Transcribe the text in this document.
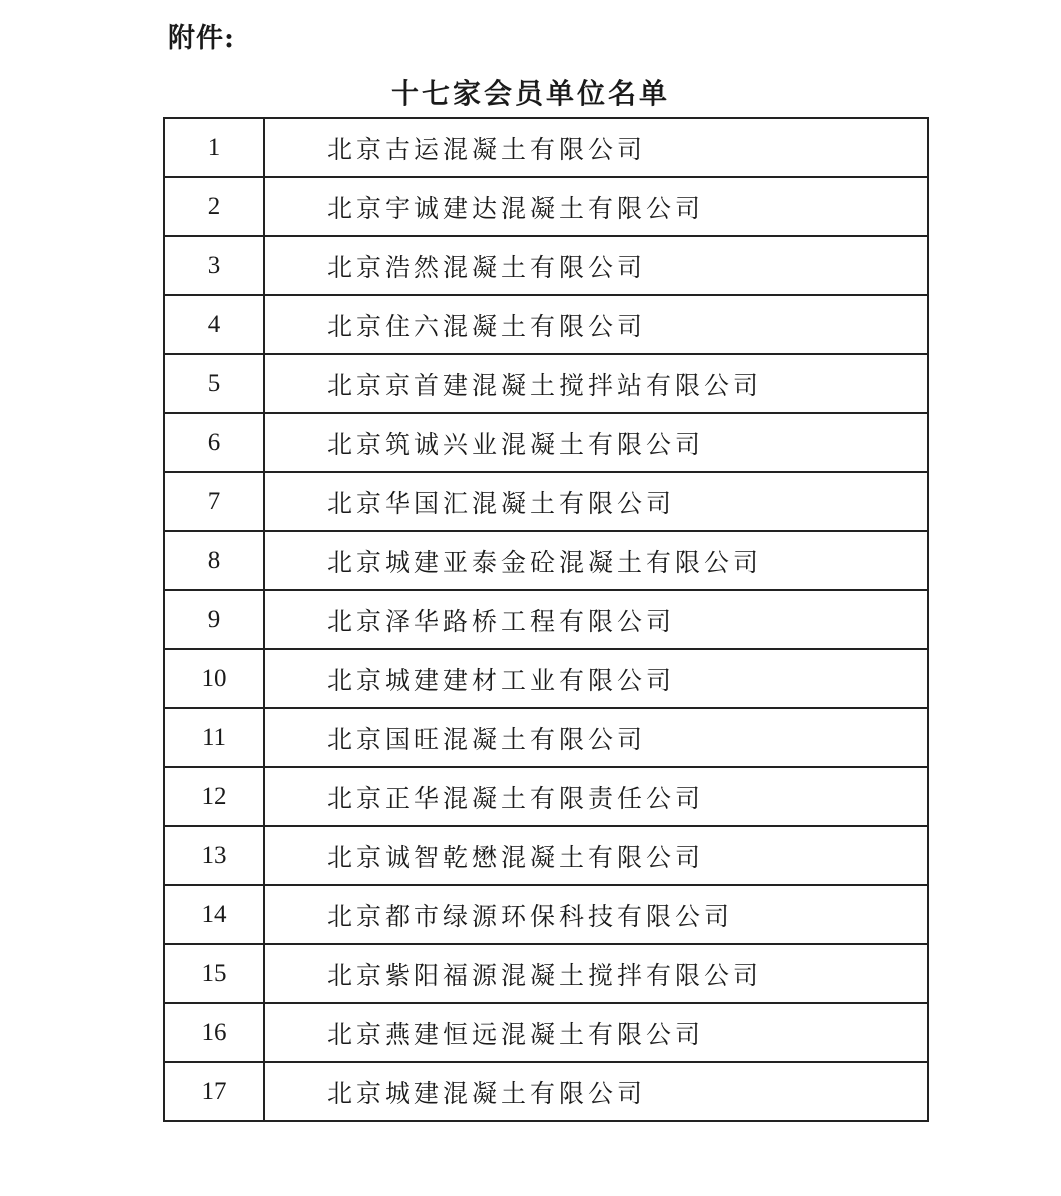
附件:
十七家会员单位名单
1	北京古运混凝土有限公司
2	北京宇诚建达混凝土有限公司
3	北京浩然混凝土有限公司
4	北京住六混凝土有限公司
5	北京京首建混凝土搅拌站有限公司
6	北京筑诚兴业混凝土有限公司
7	北京华国汇混凝土有限公司
8	北京城建亚泰金砼混凝土有限公司
9	北京泽华路桥工程有限公司
10	北京城建建材工业有限公司
11	北京国旺混凝土有限公司
12	北京正华混凝土有限责任公司
13	北京诚智乾懋混凝土有限公司
14	北京都市绿源环保科技有限公司
15	北京紫阳福源混凝土搅拌有限公司
16	北京燕建恒远混凝土有限公司
17	北京城建混凝土有限公司
